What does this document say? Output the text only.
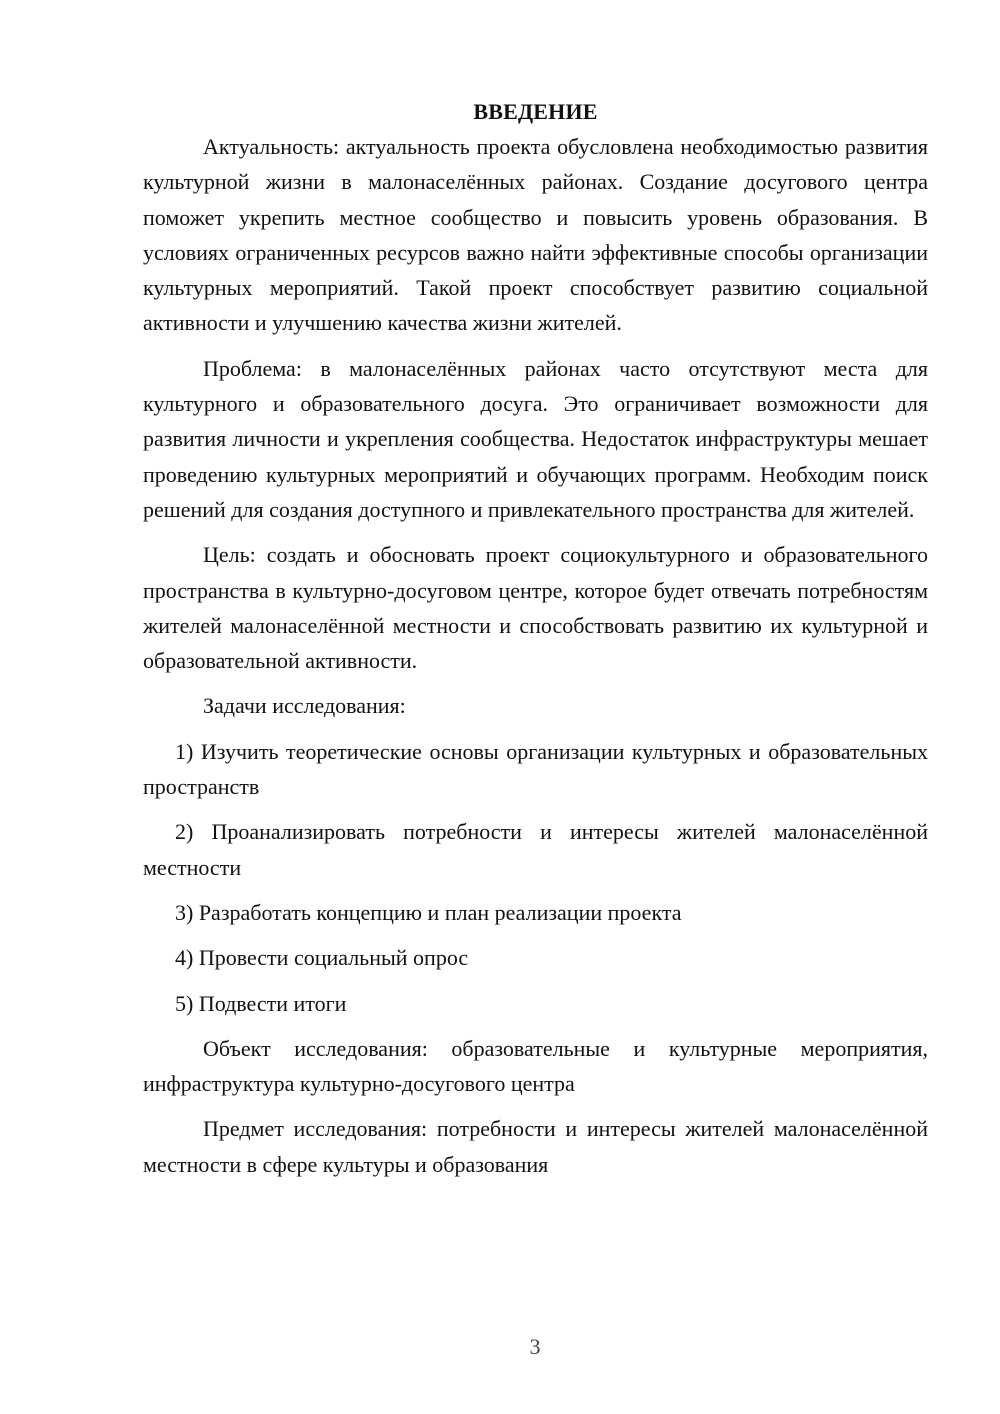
ВВЕДЕНИЕ

Актуальность: актуальность проекта обусловлена необходимостью развития культурной жизни в малонаселённых районах. Создание досугового центра поможет укрепить местное сообщество и повысить уровень образования. В условиях ограниченных ресурсов важно найти эффективные способы организации культурных мероприятий. Такой проект способствует развитию социальной активности и улучшению качества жизни жителей.

Проблема: в малонаселённых районах часто отсутствуют места для культурного и образовательного досуга. Это ограничивает возможности для развития личности и укрепления сообщества. Недостаток инфраструктуры мешает проведению культурных мероприятий и обучающих программ. Необходим поиск решений для создания доступного и привлекательного пространства для жителей.

Цель: создать и обосновать проект социокультурного и образовательного пространства в культурно-досуговом центре, которое будет отвечать потребностям жителей малонаселённой местности и способствовать развитию их культурной и образовательной активности.

Задачи исследования:

1) Изучить теоретические основы организации культурных и образовательных пространств

2) Проанализировать потребности и интересы жителей малонаселённой местности

3) Разработать концепцию и план реализации проекта

4) Провести социальный опрос

5) Подвести итоги

Объект исследования: образовательные и культурные мероприятия, инфраструктура культурно-досугового центра

Предмет исследования: потребности и интересы жителей малонаселённой местности в сфере культуры и образования

3
